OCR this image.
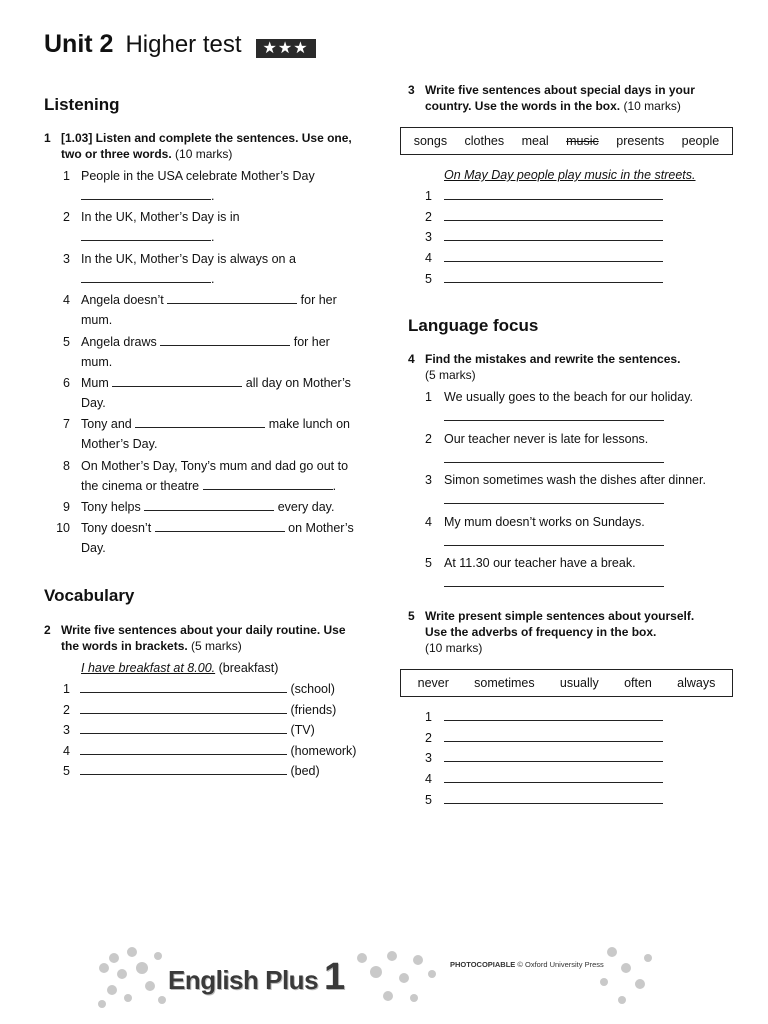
Unit 2 Higher test	★★★
Listening
1 [1.03] Listen and complete the sentences. Use one, two or three words. (10 marks)
1 People in the USA celebrate Mother’s Day
.
2 In the UK, Mother’s Day is in
.
3 In the UK, Mother’s Day is always on a
.
4 Angela doesn’t	for her
mum.
5 Angela draws	for her
mum.
6 Mum	all day on Mother’s
Day.
7 Tony and	make lunch on
Mother’s Day.
8 On Mother’s Day, Tony’s mum and dad go out to
the cinema or theatre	.
9 Tony helps	every day.
10 Tony doesn’t	on Mother’s
Day.
Vocabulary
2 Write five sentences about your daily routine. Use the words in brackets. (5 marks)
I have breakfast at 8.00. (breakfast)
1	(school)
2	(friends)
3	(TV)
4	(homework)
5	(bed)
3 Write five sentences about special days in your country. Use the words in the box. (10 marks)
songs clothes meal music presents people
On May Day people play music in the streets.
1
2
3
4
5
Language focus
4 Find the mistakes and rewrite the sentences.
(5 marks)
1 We usually goes to the beach for our holiday.
2 Our teacher never is late for lessons.
3 Simon sometimes wash the dishes after dinner.
4 My mum doesn’t works on Sundays.
5 At 11.30 our teacher have a break.
5 Write present simple sentences about yourself.
Use the adverbs of frequency in the box.
(10 marks)
never sometimes usually often always
1
2
3
4
5
English Plus 1	PHOTOCOPIABLE © Oxford University Press
